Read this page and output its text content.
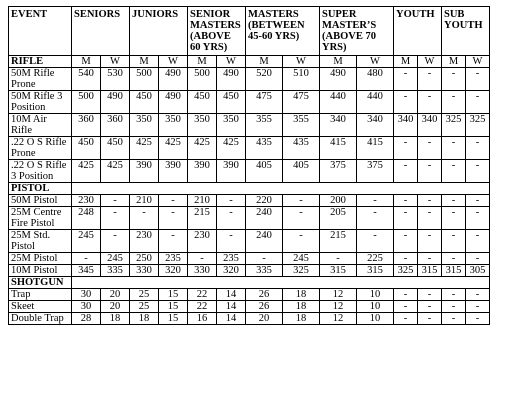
EVENT	SENIORS		JUNIORS		SENIOR MASTERS (ABOVE 60 YRS)		MASTERS (BETWEEN 45-60 YRS)		SUPER MASTER’S (ABOVE 70 YRS)		YOUTH		SUB YOUTH	
RIFLE	M	W	M	W	M	W	M	W	M	W	M	W	M	W
50M Rifle Prone	540	530	500	490	500	490	520	510	490	480	-	-	-	-
50M Rifle 3 Position	500	490	450	490	450	450	475	475	440	440	-	-	-	-
10M Air Rifle	360	360	350	350	350	350	355	355	340	340	340	340	325	325
.22 O S Rifle Prone	450	450	425	425	425	425	435	435	415	415	-	-	-	-
.22 O S Rifle 3 Position	425	425	390	390	390	390	405	405	375	375	-	-	-	-
PISTOL														
50M Pistol	230	-	210	-	210	-	220	-	200	-	-	-	-	-
25M Centre Fire Pistol	248	-	-	-	215	-	240	-	205	-	-	-	-	-
25M Std. Pistol	245	-	230	-	230	-	240	-	215	-	-	-	-	-
25M Pistol	-	245	250	235	-	235	-	245	-	225	-	-	-	-
10M Pistol	345	335	330	320	330	320	335	325	315	315	325	315	315	305
SHOTGUN														
Trap	30	20	25	15	22	14	26	18	12	10	-	-	-	-
Skeet	30	20	25	15	22	14	26	18	12	10	-	-	-	-
Double Trap	28	18	18	15	16	14	20	18	12	10	-	-	-	-
